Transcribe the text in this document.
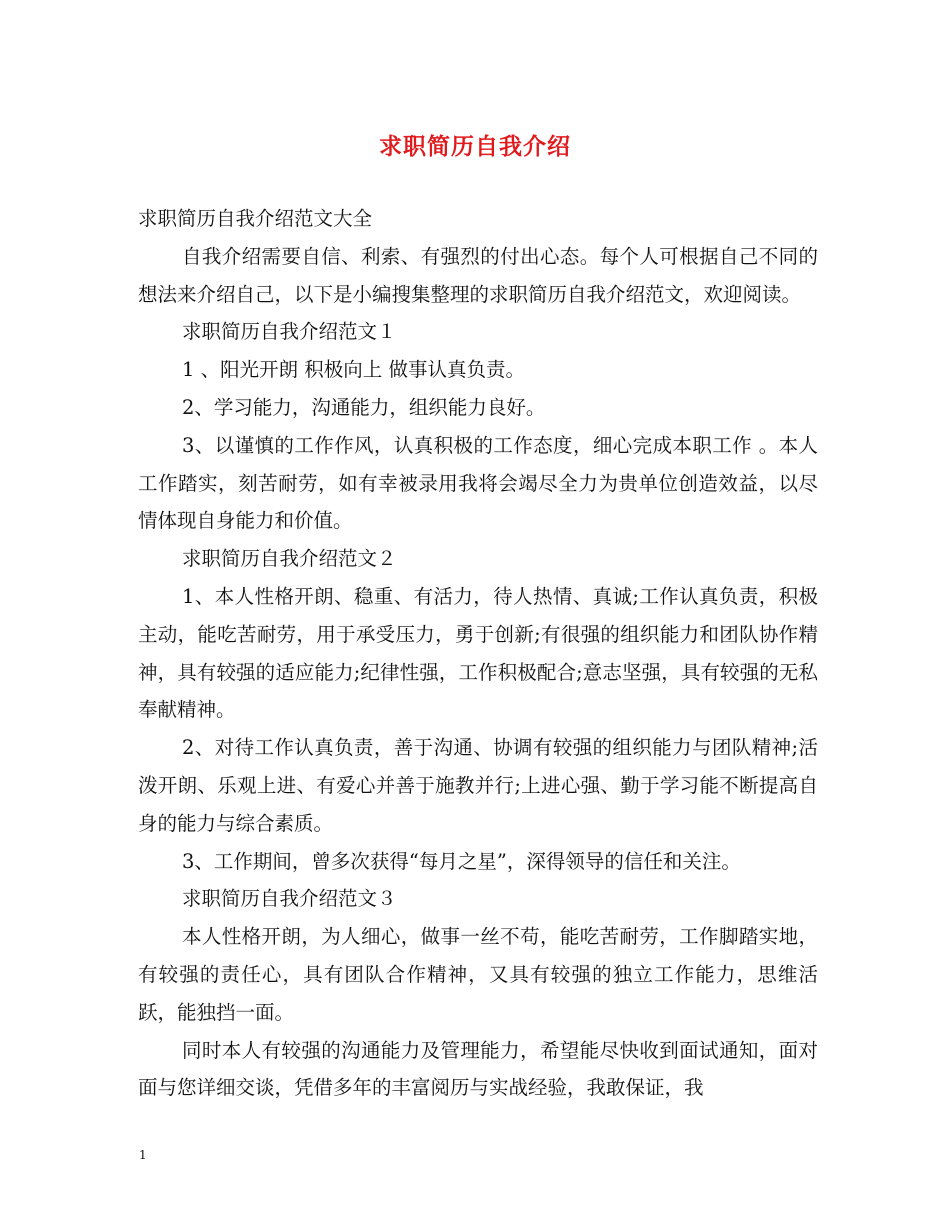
求职简历自我介绍

求职简历自我介绍范文大全

自我介绍需要自信、利索、有强烈的付出心态。每个人可根据自己不同的想法来介绍自己，以下是小编搜集整理的求职简历自我介绍范文，欢迎阅读。

求职简历自我介绍范文１

1 、阳光开朗 积极向上 做事认真负责。

2、学习能力，沟通能力，组织能力良好。

3、以谨慎的工作作风，认真积极的工作态度，细心完成本职工作 。本人工作踏实，刻苦耐劳，如有幸被录用我将会竭尽全力为贵单位创造效益，以尽情体现自身能力和价值。

求职简历自我介绍范文２

1、本人性格开朗、稳重、有活力，待人热情、真诚;工作认真负责，积极主动，能吃苦耐劳，用于承受压力，勇于创新;有很强的组织能力和团队协作精神，具有较强的适应能力;纪律性强，工作积极配合;意志坚强，具有较强的无私奉献精神。

2、对待工作认真负责，善于沟通、协调有较强的组织能力与团队精神;活泼开朗、乐观上进、有爱心并善于施教并行;上进心强、勤于学习能不断提高自身的能力与综合素质。

3、工作期间，曾多次获得“每月之星”，深得领导的信任和关注。

求职简历自我介绍范文３

本人性格开朗，为人细心，做事一丝不苟，能吃苦耐劳，工作脚踏实地，有较强的责任心，具有团队合作精神，又具有较强的独立工作能力，思维活跃，能独挡一面。

同时本人有较强的沟通能力及管理能力，希望能尽快收到面试通知，面对面与您详细交谈，凭借多年的丰富阅历与实战经验，我敢保证，我

1
